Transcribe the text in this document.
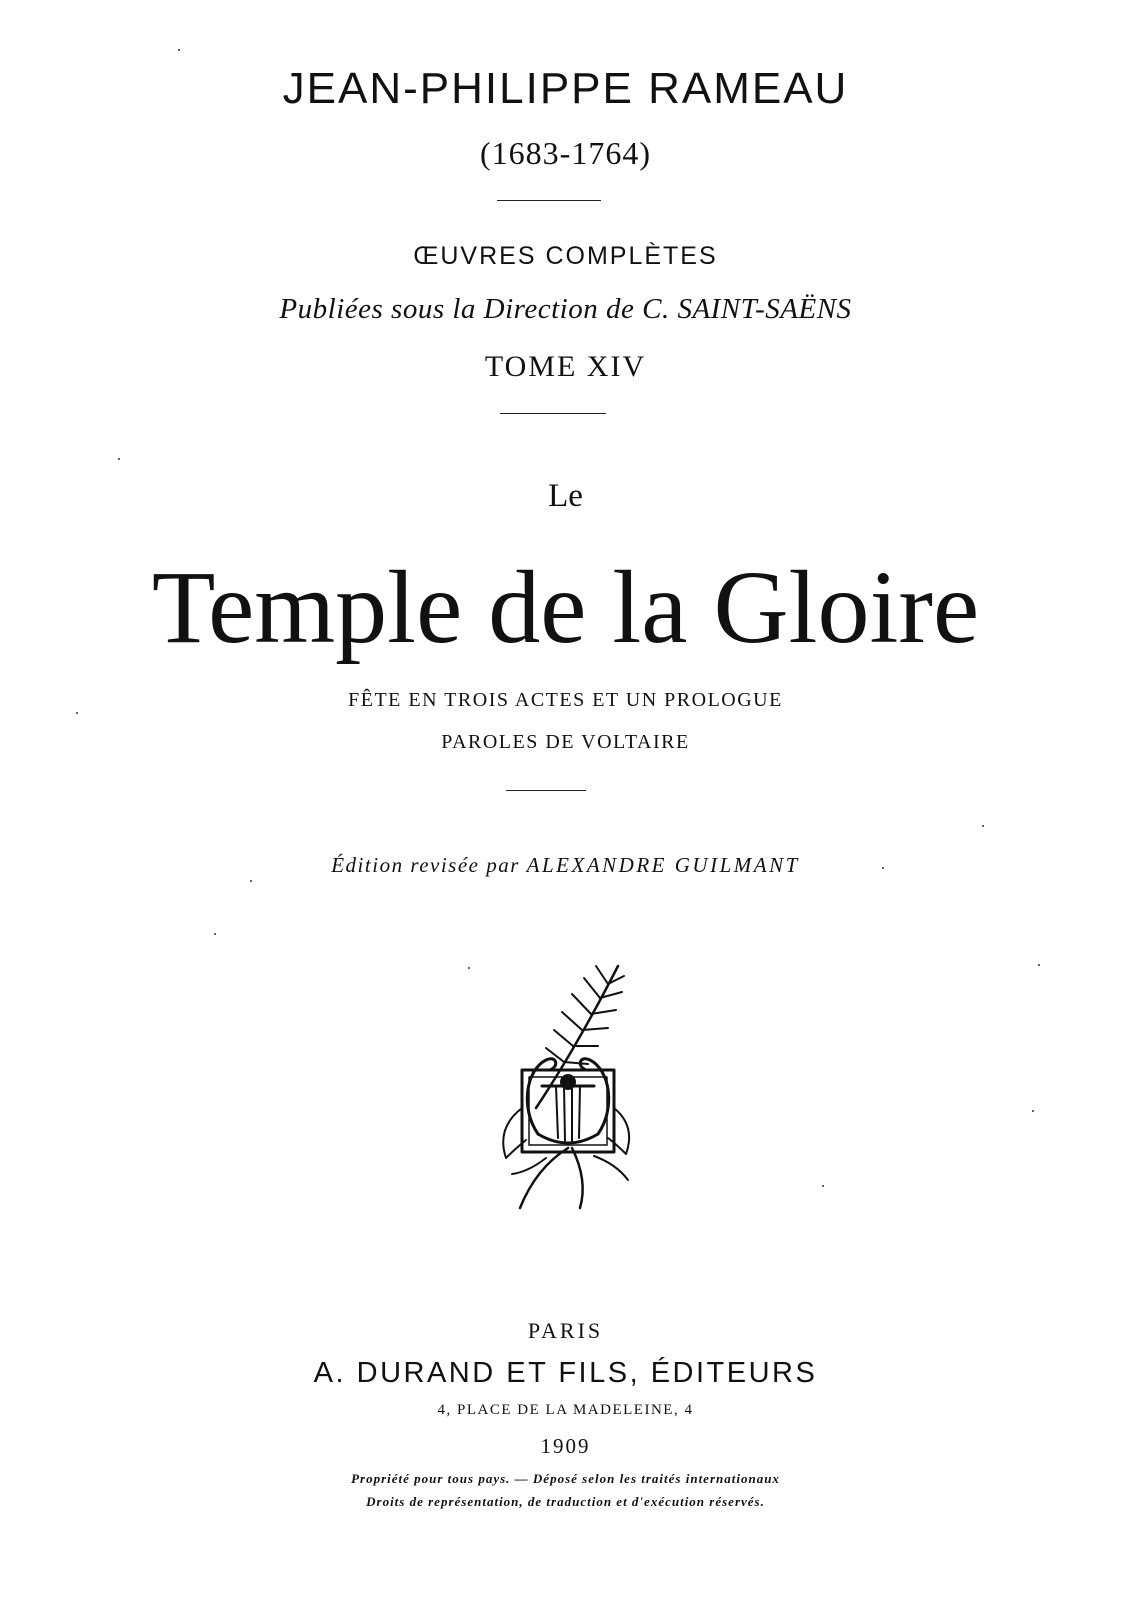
JEAN-PHILIPPE RAMEAU
(1683-1764)
ŒUVRES COMPLÈTES
Publiées sous la Direction de C. SAINT-SAËNS
TOME XIV
Le
Temple de la Gloire
FÊTE EN TROIS ACTES ET UN PROLOGUE
PAROLES DE VOLTAIRE
Édition revisée par ALEXANDRE GUILMANT
PARIS
A. DURAND ET FILS, ÉDITEURS
4, PLACE DE LA MADELEINE, 4
1909
Propriété pour tous pays. — Déposé selon les traités internationaux
Droits de représentation, de traduction et d'exécution réservés.
